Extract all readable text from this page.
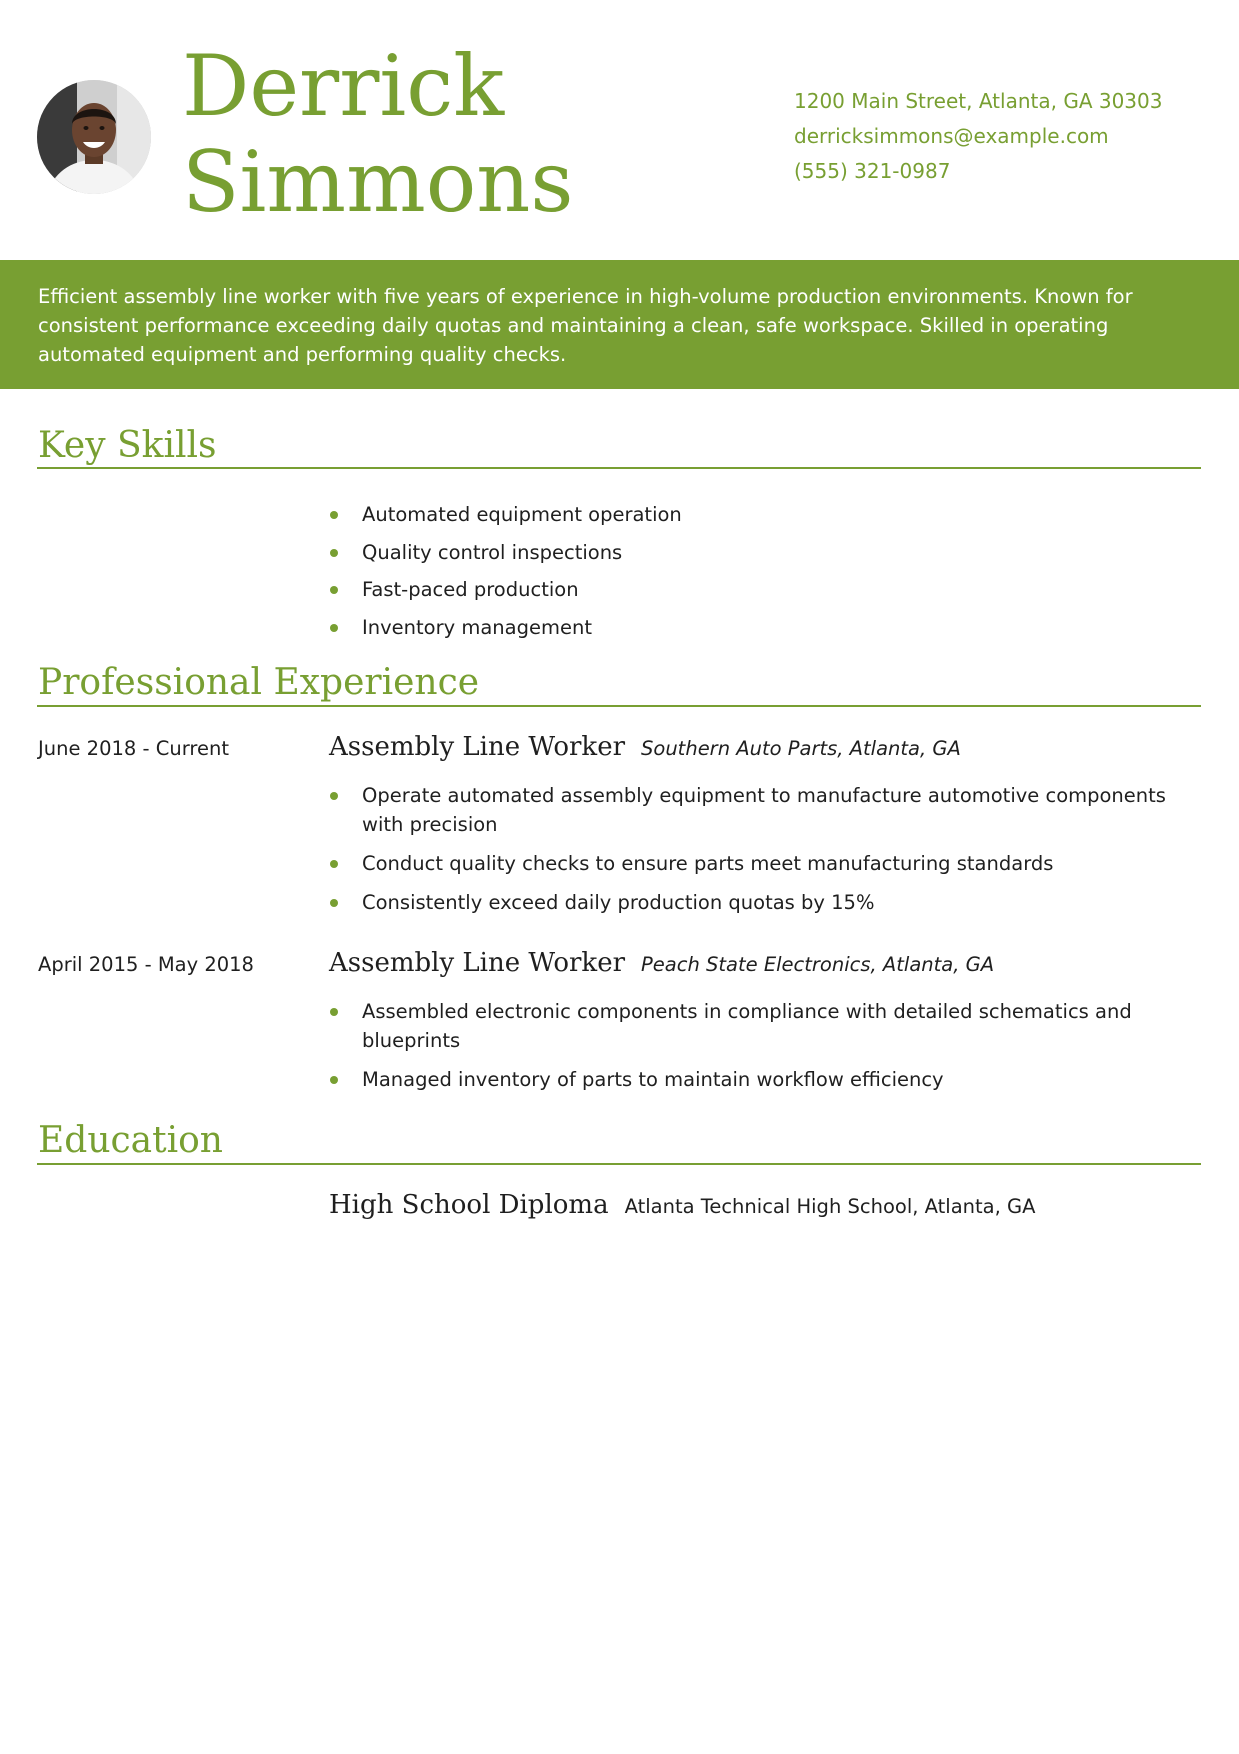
Derrick
Simmons
1200 Main Street, Atlanta, GA 30303
derricksimmons@example.com
(555) 321-0987
Efficient assembly line worker with five years of experience in high-volume production environments. Known for consistent performance exceeding daily quotas and maintaining a clean, safe workspace. Skilled in operating automated equipment and performing quality checks.
Key Skills
Automated equipment operation
Quality control inspections
Fast-paced production
Inventory management
Professional Experience
June 2018 - Current	Assembly Line Worker Southern Auto Parts, Atlanta, GA
Operate automated assembly equipment to manufacture automotive components with precision
Conduct quality checks to ensure parts meet manufacturing standards
Consistently exceed daily production quotas by 15%
April 2015 - May 2018	Assembly Line Worker Peach State Electronics, Atlanta, GA
Assembled electronic components in compliance with detailed schematics and blueprints
Managed inventory of parts to maintain workflow efficiency
Education
High School Diploma Atlanta Technical High School, Atlanta, GA
